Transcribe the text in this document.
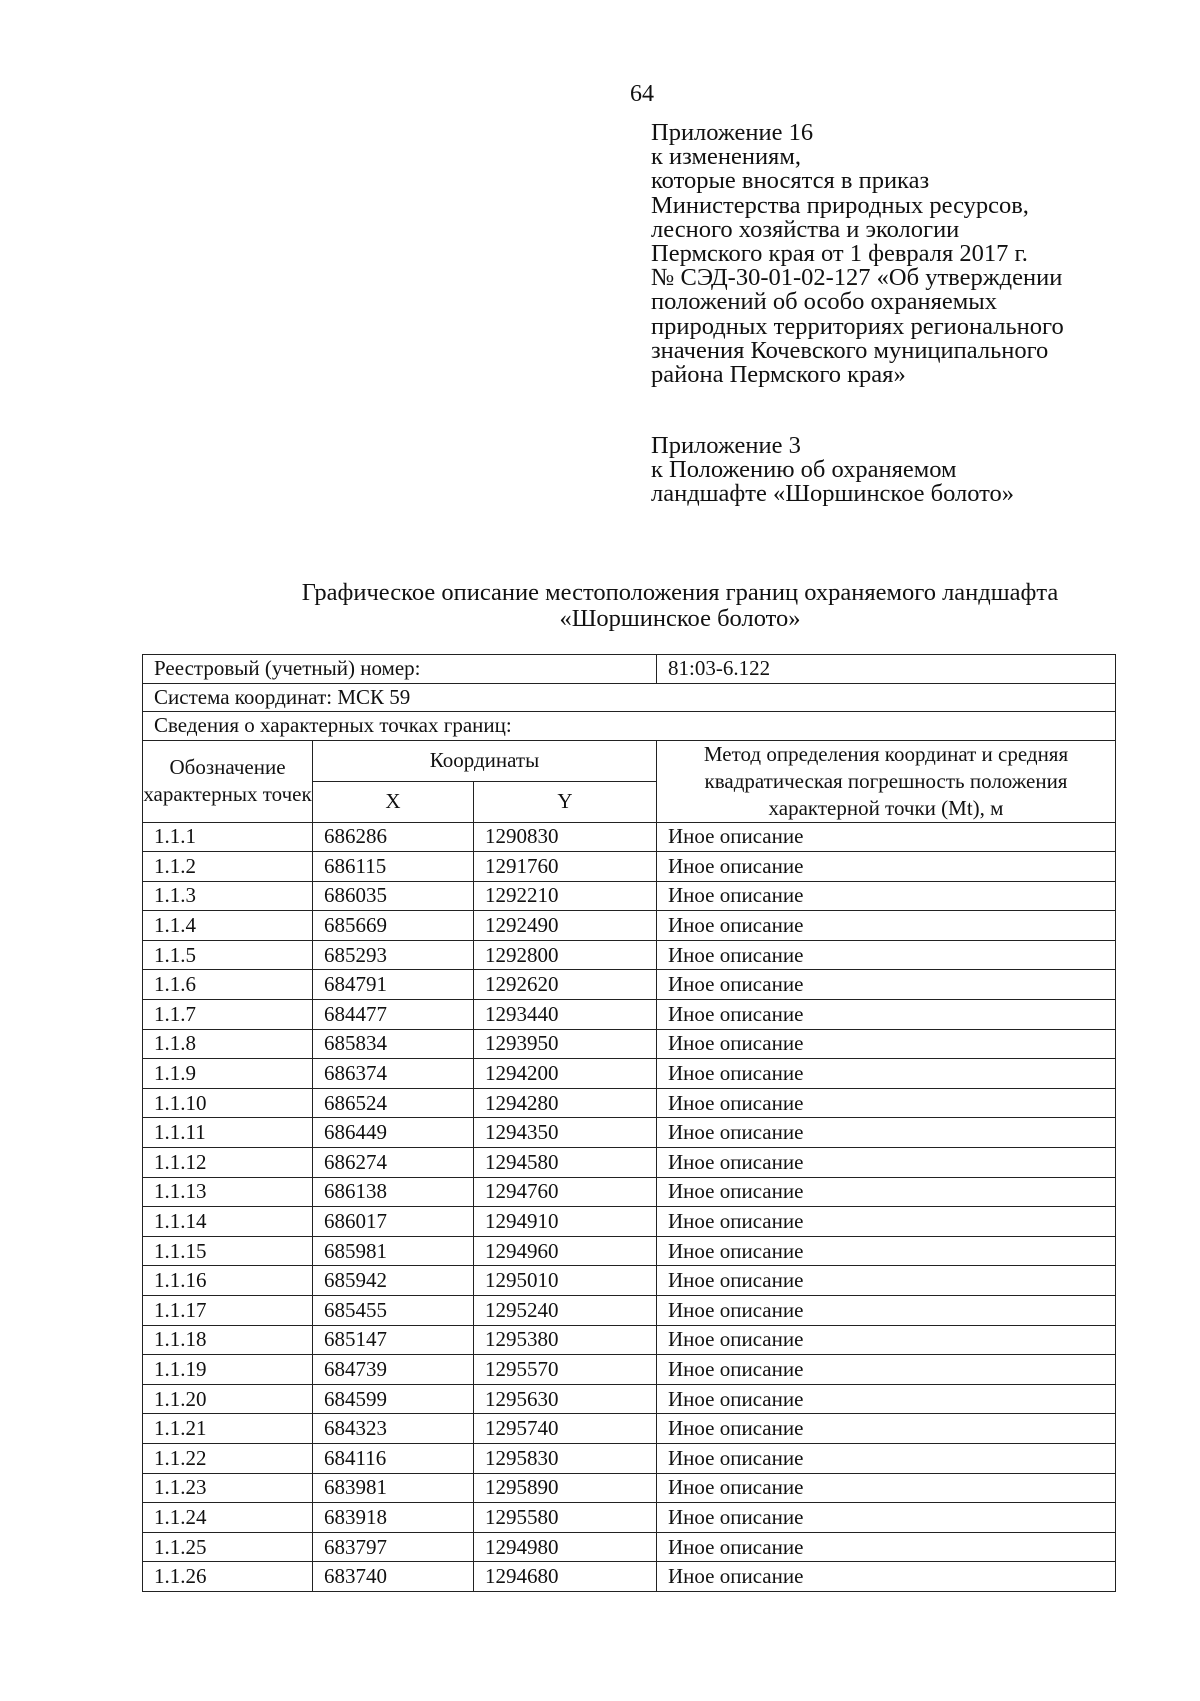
64
Приложение 16
к изменениям,
которые вносятся в приказ
Министерства природных ресурсов,
лесного хозяйства и экологии
Пермского края от 1 февраля 2017 г.
№ СЭД-30-01-02-127 «Об утверждении
положений об особо охраняемых
природных территориях регионального
значения Кочевского муниципального
района Пермского края»
Приложение 3
к Положению об охраняемом
ландшафте «Шоршинское болото»
Графическое описание местоположения границ охраняемого ландшафта
«Шоршинское болото»
Реестровый (учетный) номер:			81:03-6.122
Система координат: МСК 59			
Сведения о характерных точках границ:			
Обозначение характерных точек	Координаты		Метод определения координат и средняя квадратическая погрешность положения характерной точки (Mt), м
	X	Y	
1.1.1	686286	1290830	Иное описание
1.1.2	686115	1291760	Иное описание
1.1.3	686035	1292210	Иное описание
1.1.4	685669	1292490	Иное описание
1.1.5	685293	1292800	Иное описание
1.1.6	684791	1292620	Иное описание
1.1.7	684477	1293440	Иное описание
1.1.8	685834	1293950	Иное описание
1.1.9	686374	1294200	Иное описание
1.1.10	686524	1294280	Иное описание
1.1.11	686449	1294350	Иное описание
1.1.12	686274	1294580	Иное описание
1.1.13	686138	1294760	Иное описание
1.1.14	686017	1294910	Иное описание
1.1.15	685981	1294960	Иное описание
1.1.16	685942	1295010	Иное описание
1.1.17	685455	1295240	Иное описание
1.1.18	685147	1295380	Иное описание
1.1.19	684739	1295570	Иное описание
1.1.20	684599	1295630	Иное описание
1.1.21	684323	1295740	Иное описание
1.1.22	684116	1295830	Иное описание
1.1.23	683981	1295890	Иное описание
1.1.24	683918	1295580	Иное описание
1.1.25	683797	1294980	Иное описание
1.1.26	683740	1294680	Иное описание
